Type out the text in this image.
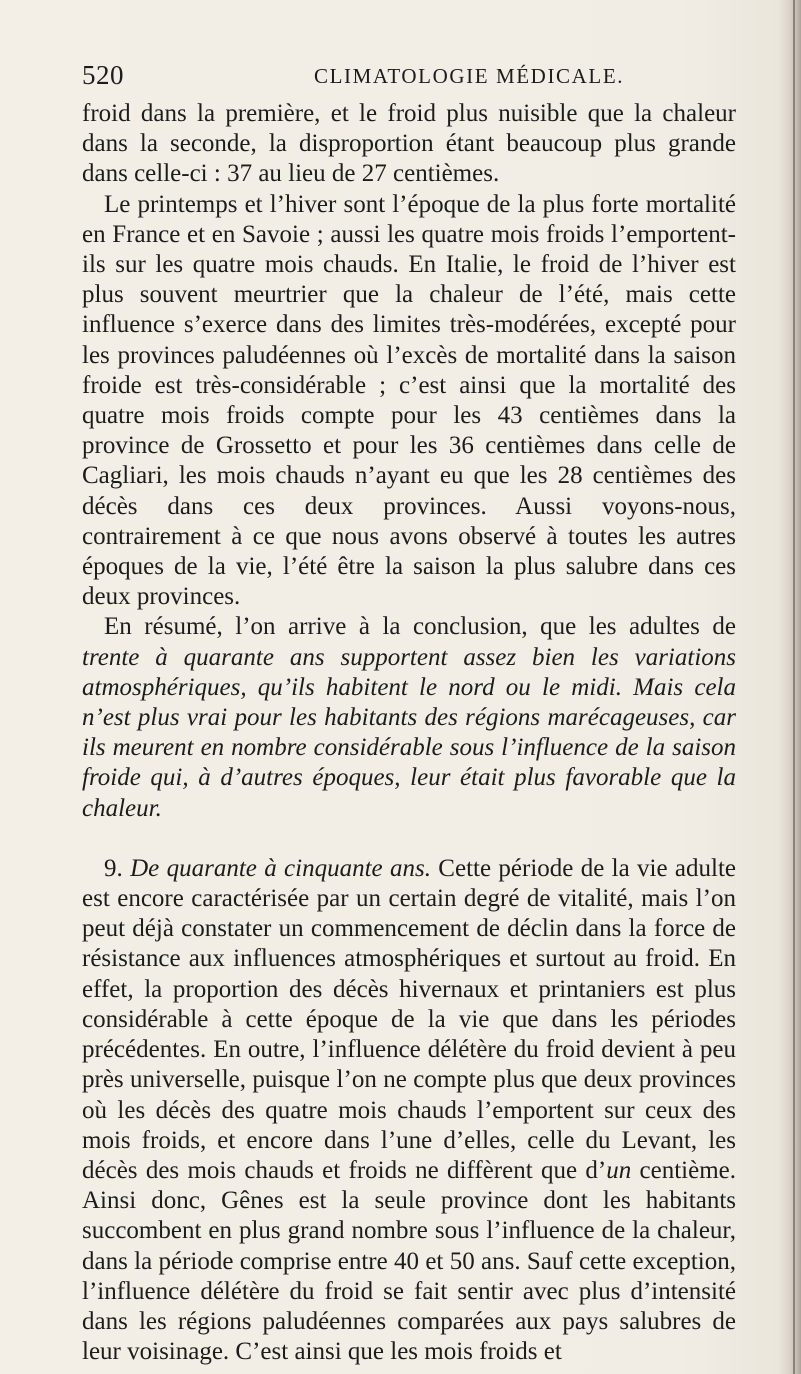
520	CLIMATOLOGIE MÉDICALE.

froid dans la première, et le froid plus nuisible que la chaleur dans la seconde, la disproportion étant beaucoup plus grande dans celle-ci : 37 au lieu de 27 centièmes.

Le printemps et l’hiver sont l’époque de la plus forte mortalité en France et en Savoie ; aussi les quatre mois froids l’emportent-ils sur les quatre mois chauds. En Italie, le froid de l’hiver est plus souvent meurtrier que la chaleur de l’été, mais cette influence s’exerce dans des limites très-modérées, excepté pour les provinces paludéennes où l’excès de mortalité dans la saison froide est très-considérable ; c’est ainsi que la mortalité des quatre mois froids compte pour les 43 centièmes dans la province de Grossetto et pour les 36 centièmes dans celle de Cagliari, les mois chauds n’ayant eu que les 28 centièmes des décès dans ces deux provinces. Aussi voyons-nous, contrairement à ce que nous avons observé à toutes les autres époques de la vie, l’été être la saison la plus salubre dans ces deux provinces.

En résumé, l’on arrive à la conclusion, que les adultes de trente à quarante ans supportent assez bien les variations atmosphériques, qu’ils habitent le nord ou le midi. Mais cela n’est plus vrai pour les habitants des régions marécageuses, car ils meurent en nombre considérable sous l’influence de la saison froide qui, à d’autres époques, leur était plus favorable que la chaleur.

9. De quarante à cinquante ans. Cette période de la vie adulte est encore caractérisée par un certain degré de vitalité, mais l’on peut déjà constater un commencement de déclin dans la force de résistance aux influences atmosphériques et surtout au froid. En effet, la proportion des décès hivernaux et printaniers est plus considérable à cette époque de la vie que dans les périodes précédentes. En outre, l’influence délétère du froid devient à peu près universelle, puisque l’on ne compte plus que deux provinces où les décès des quatre mois chauds l’emportent sur ceux des mois froids, et encore dans l’une d’elles, celle du Levant, les décès des mois chauds et froids ne diffèrent que d’un centième. Ainsi donc, Gênes est la seule province dont les habitants succombent en plus grand nombre sous l’influence de la chaleur, dans la période comprise entre 40 et 50 ans. Sauf cette exception, l’influence délétère du froid se fait sentir avec plus d’intensité dans les régions paludéennes comparées aux pays salubres de leur voisinage. C’est ainsi que les mois froids et
